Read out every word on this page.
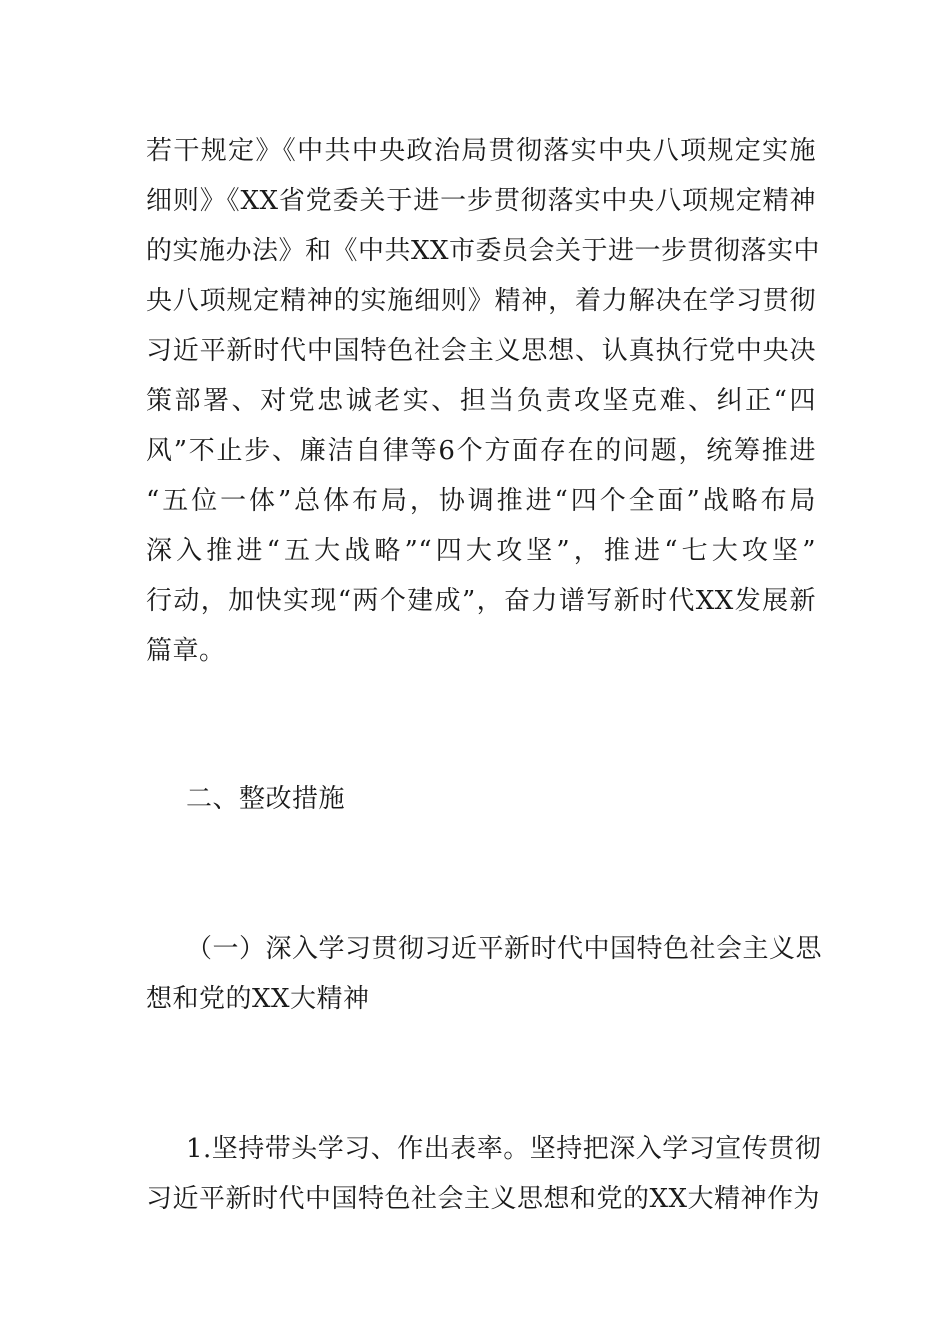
若干规定》《中共中央政治局贯彻落实中央八项规定实施
细则》《XX省党委关于进一步贯彻落实中央八项规定精神
的实施办法》和《中共XX市委员会关于进一步贯彻落实中
央八项规定精神的实施细则》精神，着力解决在学习贯彻
习近平新时代中国特色社会主义思想、认真执行党中央决
策部署、对党忠诚老实、担当负责攻坚克难、纠正“四
风”不止步、廉洁自律等6个方面存在的问题，统筹推进
“五位一体”总体布局，协调推进“四个全面”战略布局
深入推进“五大战略”“四大攻坚”，推进“七大攻坚”
行动，加快实现“两个建成”，奋力谱写新时代XX发展新
篇章。
二、整改措施
（一）深入学习贯彻习近平新时代中国特色社会主义思
想和党的XX大精神
1.坚持带头学习、作出表率。坚持把深入学习宣传贯彻
习近平新时代中国特色社会主义思想和党的XX大精神作为
